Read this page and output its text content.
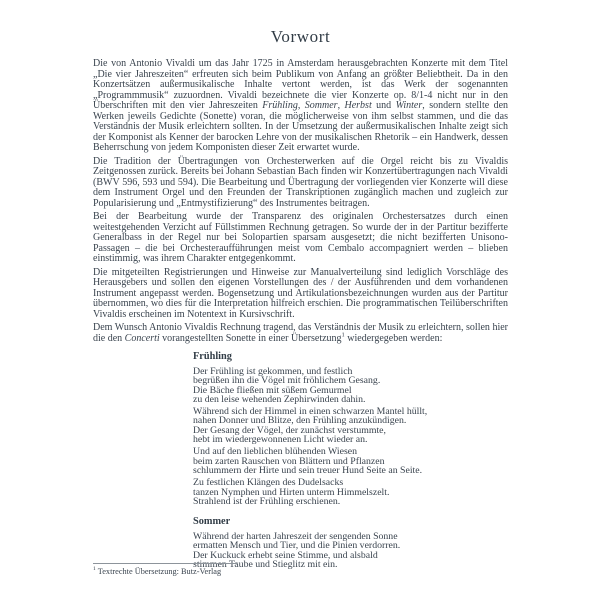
Vorwort

Die von Antonio Vivaldi um das Jahr 1725 in Amsterdam herausgebrachten Konzerte mit dem Titel „Die vier Jahreszeiten“ erfreuten sich beim Publikum von Anfang an größter Beliebtheit. Da in den Konzertsätzen außermusikalische Inhalte vertont werden, ist das Werk der sogenannten „Programmmusik“ zuzuordnen. Vivaldi bezeichnete die vier Konzerte op. 8/1-4 nicht nur in den Überschriften mit den vier Jahreszeiten Frühling, Sommer, Herbst und Winter, sondern stellte den Werken jeweils Gedichte (Sonette) voran, die möglicherweise von ihm selbst stammen, und die das Verständnis der Musik erleichtern sollten. In der Umsetzung der außermusikalischen Inhalte zeigt sich der Komponist als Kenner der barocken Lehre von der musikalischen Rhetorik – ein Handwerk, dessen Beherrschung von jedem Komponisten dieser Zeit erwartet wurde.

Die Tradition der Übertragungen von Orchesterwerken auf die Orgel reicht bis zu Vivaldis Zeitgenossen zurück. Bereits bei Johann Sebastian Bach finden wir Konzertübertragungen nach Vivaldi (BWV 596, 593 und 594). Die Bearbeitung und Übertragung der vorliegenden vier Konzerte will diese dem Instrument Orgel und den Freunden der Transkriptionen zugänglich machen und zugleich zur Popularisierung und „Entmystifizierung“ des Instrumentes beitragen.

Bei der Bearbeitung wurde der Transparenz des originalen Orchestersatzes durch einen weitestgehenden Verzicht auf Füllstimmen Rechnung getragen. So wurde der in der Partitur bezifferte Generalbass in der Regel nur bei Solopartien sparsam ausgesetzt; die nicht bezifferten Unisono-Passagen – die bei Orchesteraufführungen meist vom Cembalo accompagniert werden – blieben einstimmig, was ihrem Charakter entgegenkommt.

Die mitgeteilten Registrierungen und Hinweise zur Manualverteilung sind lediglich Vorschläge des Herausgebers und sollen den eigenen Vorstellungen des / der Ausführenden und dem vorhandenen Instrument angepasst werden. Bogensetzung und Artikulationsbezeichnungen wurden aus der Partitur übernommen, wo dies für die Interpretation hilfreich erschien. Die programmatischen Teilüberschriften Vivaldis erscheinen im Notentext in Kursivschrift.

Dem Wunsch Antonio Vivaldis Rechnung tragend, das Verständnis der Musik zu erleichtern, sollen hier die den Concerti vorangestellten Sonette in einer Übersetzung$^1$ wiedergegeben werden:

Frühling
Der Frühling ist gekommen, und festlich
begrüßen ihn die Vögel mit fröhlichem Gesang.
Die Bäche fließen mit süßem Gemurmel
zu den leise wehenden Zephirwinden dahin.
Während sich der Himmel in einen schwarzen Mantel hüllt,
nahen Donner und Blitze, den Frühling anzukündigen.
Der Gesang der Vögel, der zunächst verstummte,
hebt im wiedergewonnenen Licht wieder an.
Und auf den lieblichen blühenden Wiesen
beim zarten Rauschen von Blättern und Pflanzen
schlummern der Hirte und sein treuer Hund Seite an Seite.
Zu festlichen Klängen des Dudelsacks
tanzen Nymphen und Hirten unterm Himmelszelt.
Strahlend ist der Frühling erschienen.
Sommer
Während der harten Jahreszeit der sengenden Sonne
ermatten Mensch und Tier, und die Pinien verdorren.
Der Kuckuck erhebt seine Stimme, und alsbald
stimmen Taube und Stieglitz mit ein.
$^1$ Textrechte Übersetzung: Butz-Verlag
